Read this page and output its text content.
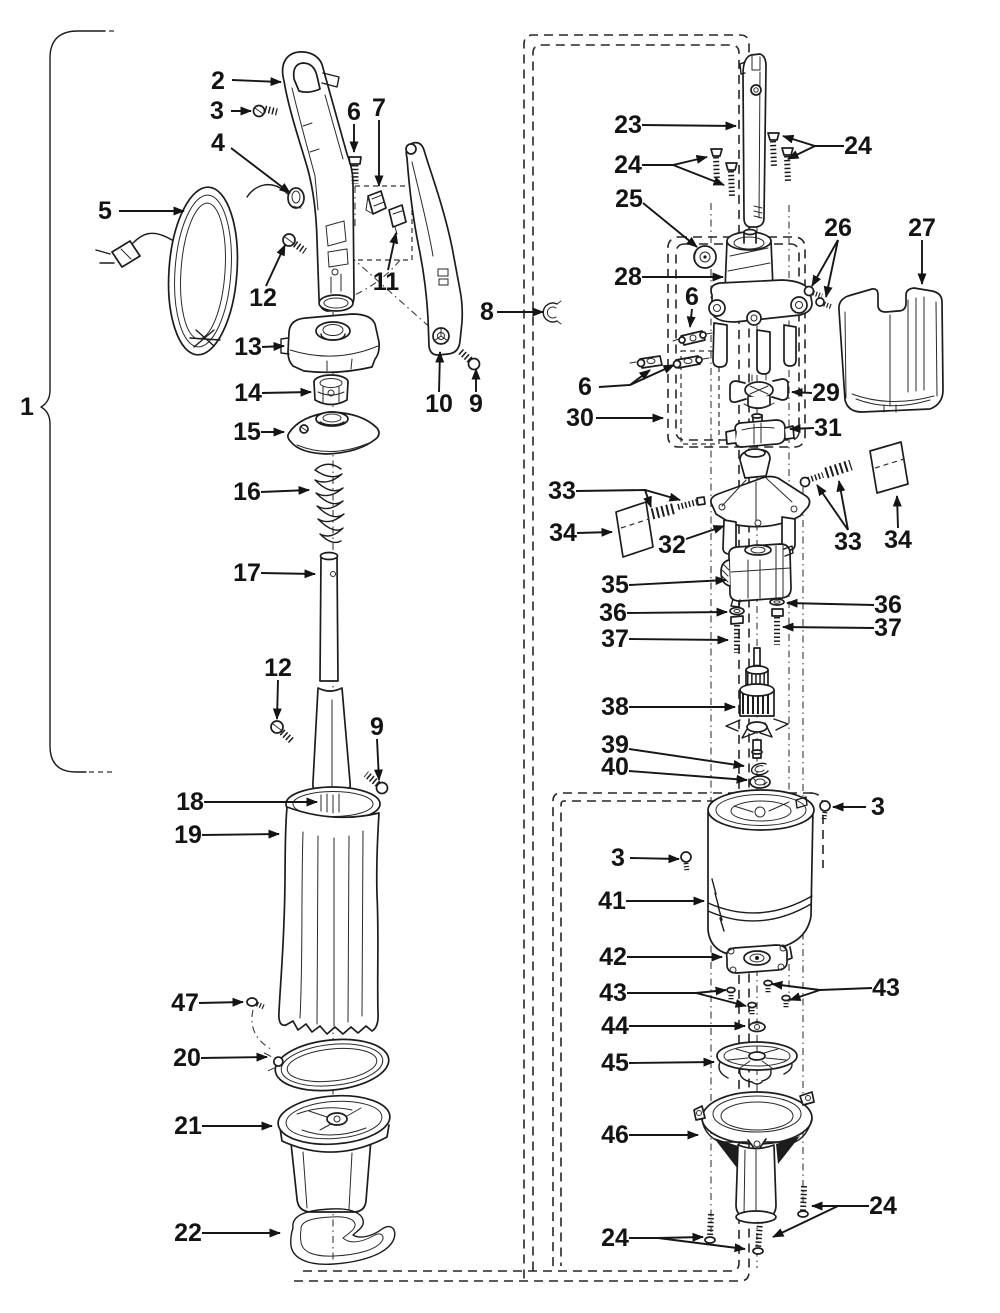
1
2
3
4
5
6 7
12
11
8
13
10 9
14
15
16
17
12
9
18
19
47
20
21
22
23
24
24
25
26 27
28
6
6
30
29
31
33
34	32	33 34
35
36	36
37	37
38
39
40
3
3
41
42
43	43
44
45
46
24
24
